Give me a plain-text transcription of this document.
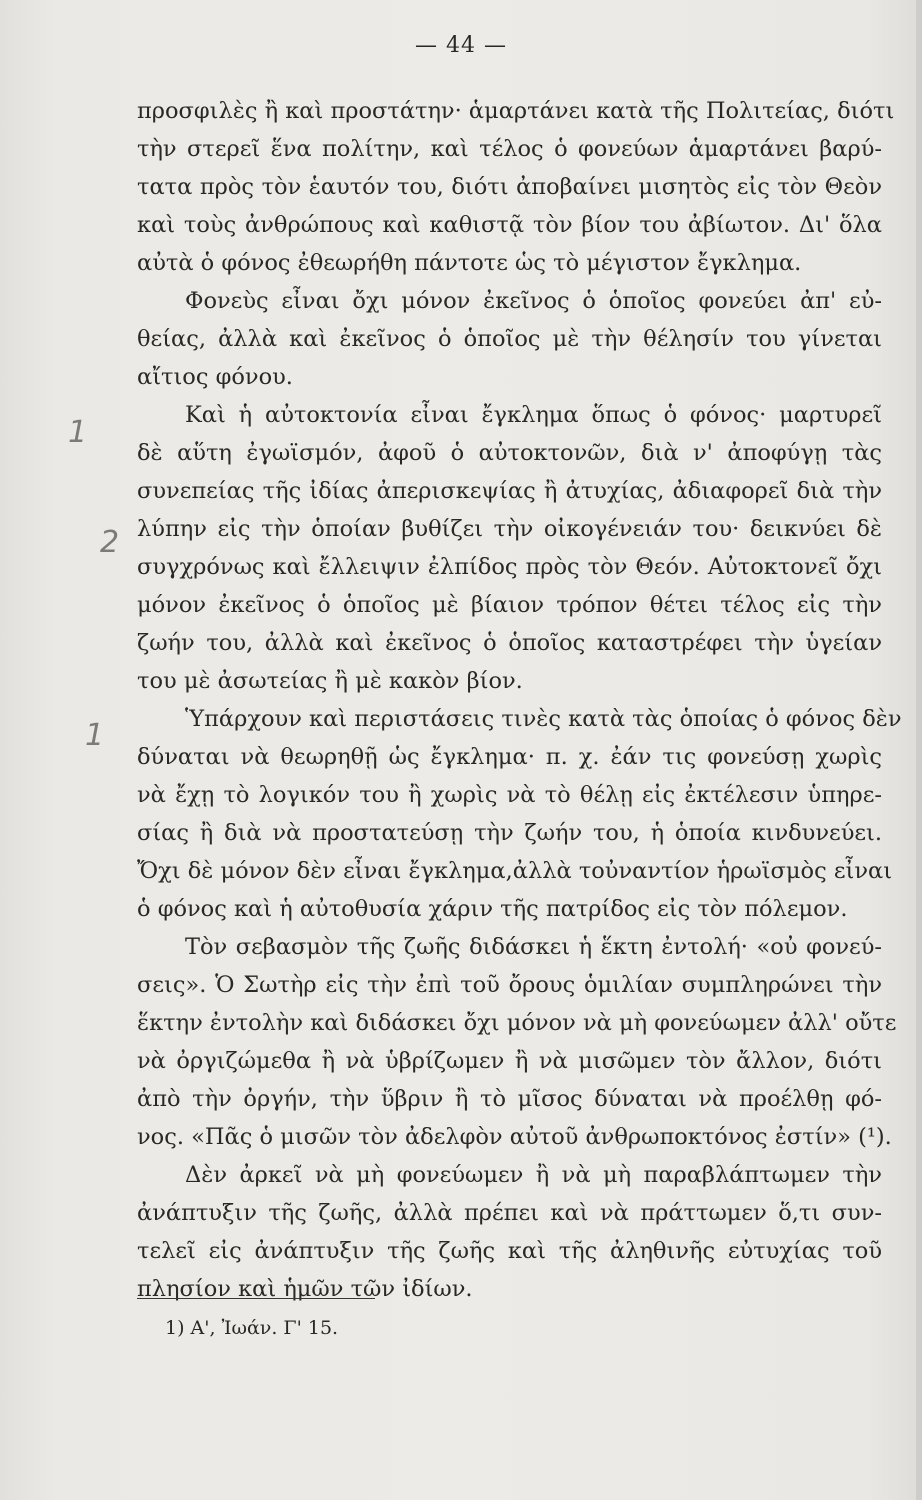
— 44 —
προσφιλὲς ἢ καὶ προστάτην· ἁμαρτάνει κατὰ τῆς Πολιτείας, διότι
τὴν στερεῖ ἕνα πολίτην, καὶ τέλος ὁ φονεύων ἁμαρτάνει βαρύ-
τατα πρὸς τὸν ἑαυτόν του, διότι ἀποβαίνει μισητὸς εἰς τὸν Θεὸν
καὶ τοὺς ἀνθρώπους καὶ καθιστᾷ τὸν βίον του ἀβίωτον. Δι' ὅλα
αὐτὰ ὁ φόνος ἐθεωρήθη πάντοτε ὡς τὸ μέγιστον ἔγκλημα.
Φονεὺς εἶναι ὄχι μόνον ἐκεῖνος ὁ ὁποῖος φονεύει ἀπ' εὐ-
θείας, ἀλλὰ καὶ ἐκεῖνος ὁ ὁποῖος μὲ τὴν θέλησίν του γίνεται
αἴτιος φόνου.
Καὶ ἡ αὐτοκτονία εἶναι ἔγκλημα ὅπως ὁ φόνος· μαρτυρεῖ
δὲ αὕτη ἐγωϊσμόν, ἀφοῦ ὁ αὐτοκτονῶν, διὰ ν' ἀποφύγῃ τὰς
συνεπείας τῆς ἰδίας ἀπερισκεψίας ἢ ἀτυχίας, ἀδιαφορεῖ διὰ τὴν
λύπην εἰς τὴν ὁποίαν βυθίζει τὴν οἰκογένειάν του· δεικνύει δὲ
συγχρόνως καὶ ἔλλειψιν ἐλπίδος πρὸς τὸν Θεόν. Αὐτοκτονεῖ ὄχι
μόνον ἐκεῖνος ὁ ὁποῖος μὲ βίαιον τρόπον θέτει τέλος εἰς τὴν
ζωήν του, ἀλλὰ καὶ ἐκεῖνος ὁ ὁποῖος καταστρέφει τὴν ὑγείαν
του μὲ ἀσωτείας ἢ μὲ κακὸν βίον.
Ὑπάρχουν καὶ περιστάσεις τινὲς κατὰ τὰς ὁποίας ὁ φόνος δὲν
δύναται νὰ θεωρηθῇ ὡς ἔγκλημα· π. χ. ἐάν τις φονεύσῃ χωρὶς
νὰ ἔχῃ τὸ λογικόν του ἢ χωρὶς νὰ τὸ θέλῃ εἰς ἐκτέλεσιν ὑπηρε-
σίας ἢ διὰ νὰ προστατεύσῃ τὴν ζωήν του, ἡ ὁποία κινδυνεύει.
Ὄχι δὲ μόνον δὲν εἶναι ἔγκλημα,ἀλλὰ τοὐναντίον ἡρωϊσμὸς εἶναι
ὁ φόνος καὶ ἡ αὐτοθυσία χάριν τῆς πατρίδος εἰς τὸν πόλεμον.
Τὸν σεβασμὸν τῆς ζωῆς διδάσκει ἡ ἕκτη ἐντολή· «οὐ φονεύ-
σεις». Ὁ Σωτὴρ εἰς τὴν ἐπὶ τοῦ ὄρους ὁμιλίαν συμπληρώνει τὴν
ἕκτην ἐντολὴν καὶ διδάσκει ὄχι μόνον νὰ μὴ φονεύωμεν ἀλλ' οὔτε
νὰ ὀργιζώμεθα ἢ νὰ ὑβρίζωμεν ἢ νὰ μισῶμεν τὸν ἄλλον, διότι
ἀπὸ τὴν ὀργήν, τὴν ὕβριν ἢ τὸ μῖσος δύναται νὰ προέλθῃ φό-
νος. «Πᾶς ὁ μισῶν τὸν ἀδελφὸν αὐτοῦ ἀνθρωποκτόνος ἐστίν» (¹).
Δὲν ἀρκεῖ νὰ μὴ φονεύωμεν ἢ νὰ μὴ παραβλάπτωμεν τὴν
ἀνάπτυξιν τῆς ζωῆς, ἀλλὰ πρέπει καὶ νὰ πράττωμεν ὅ,τι συν-
τελεῖ εἰς ἀνάπτυξιν τῆς ζωῆς καὶ τῆς ἀληθινῆς εὐτυχίας τοῦ
πλησίον καὶ ἡμῶν τῶν ἰδίων.
1
2
1
1) Α', Ἰωάν. Γ' 15.
